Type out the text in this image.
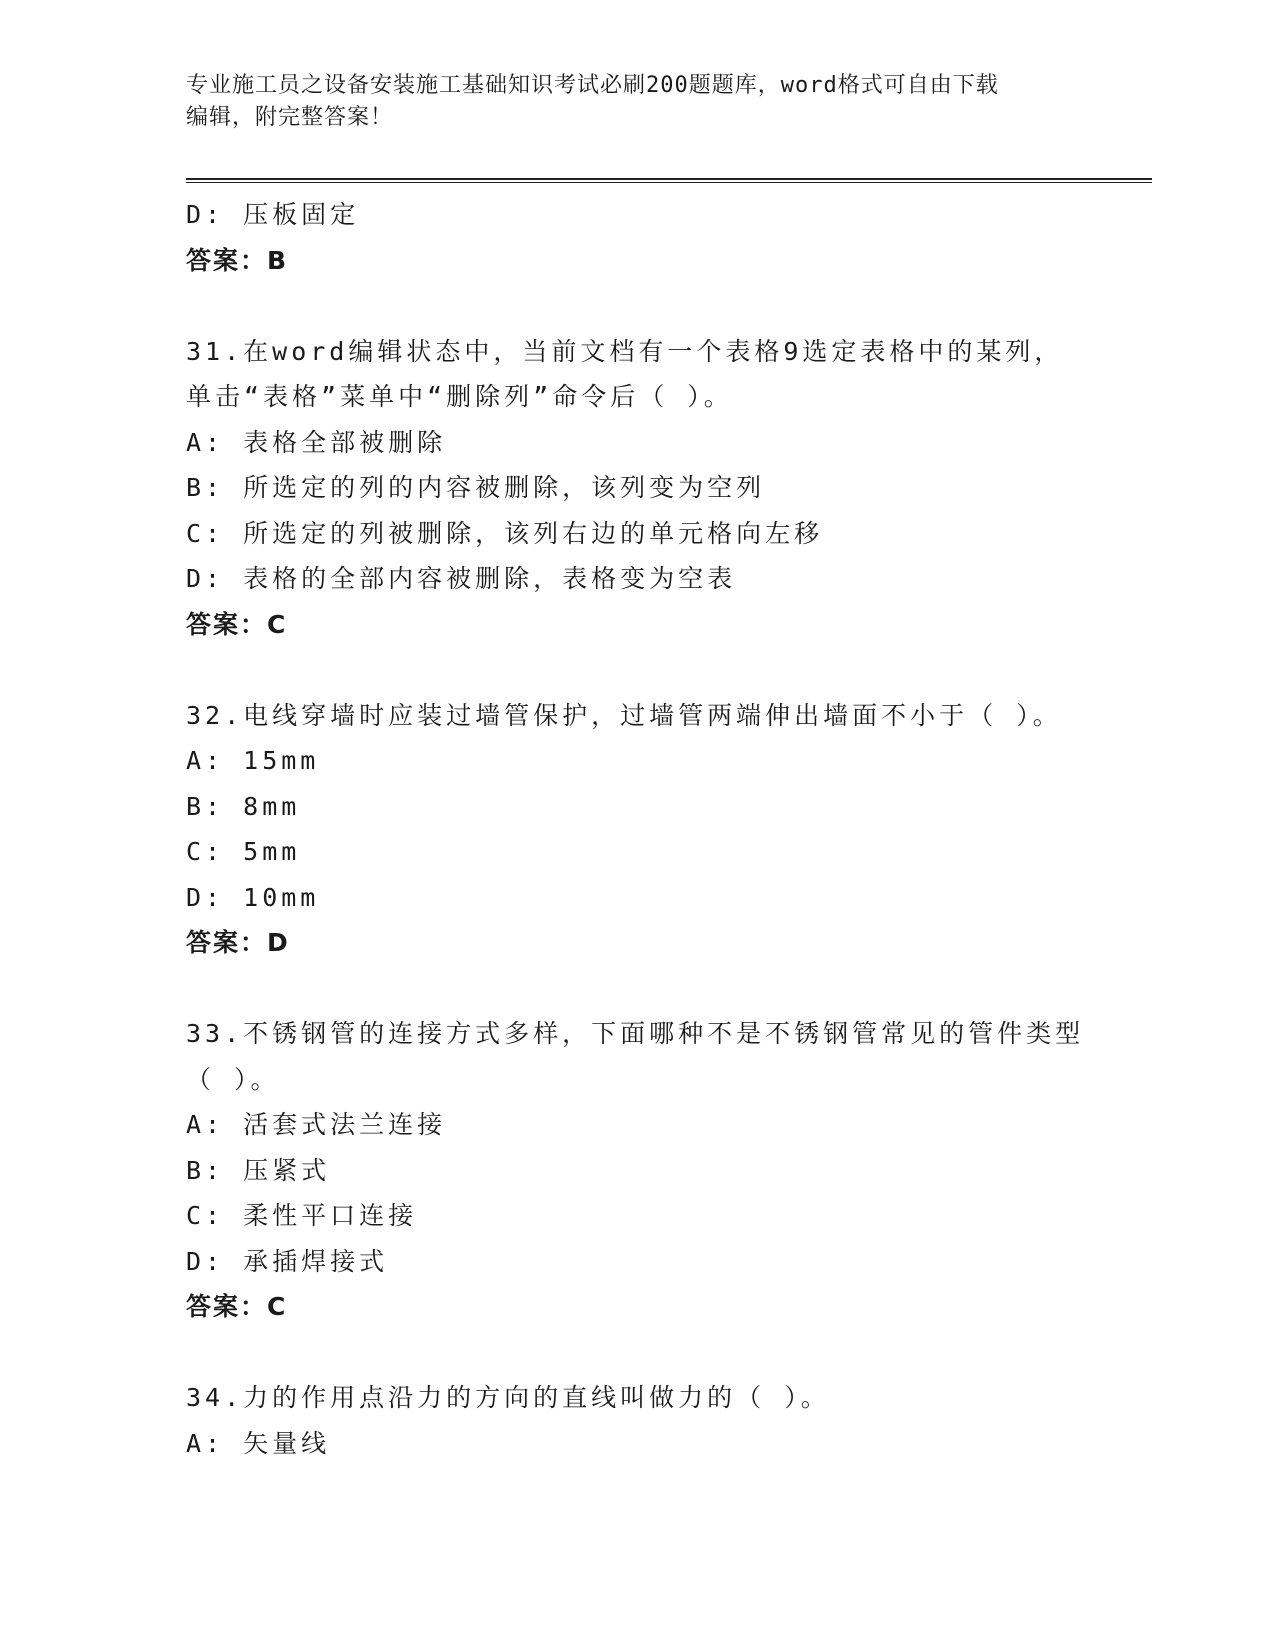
专业施工员之设备安装施工基础知识考试必刷200题题库，word格式可自由下载
编辑，附完整答案！
D: 压板固定
答案：B
31.在word编辑状态中，当前文档有一个表格9选定表格中的某列，
单击“表格”菜单中“删除列”命令后（ ）。
A: 表格全部被删除
B: 所选定的列的内容被删除，该列变为空列
C: 所选定的列被删除，该列右边的单元格向左移
D: 表格的全部内容被删除，表格变为空表
答案：C
32.电线穿墙时应装过墙管保护，过墙管两端伸出墙面不小于（ ）。
A: 15mm
B: 8mm
C: 5mm
D: 10mm
答案：D
33.不锈钢管的连接方式多样，下面哪种不是不锈钢管常见的管件类型
（ ）。
A: 活套式法兰连接
B: 压紧式
C: 柔性平口连接
D: 承插焊接式
答案：C
34.力的作用点沿力的方向的直线叫做力的（ ）。
A: 矢量线
